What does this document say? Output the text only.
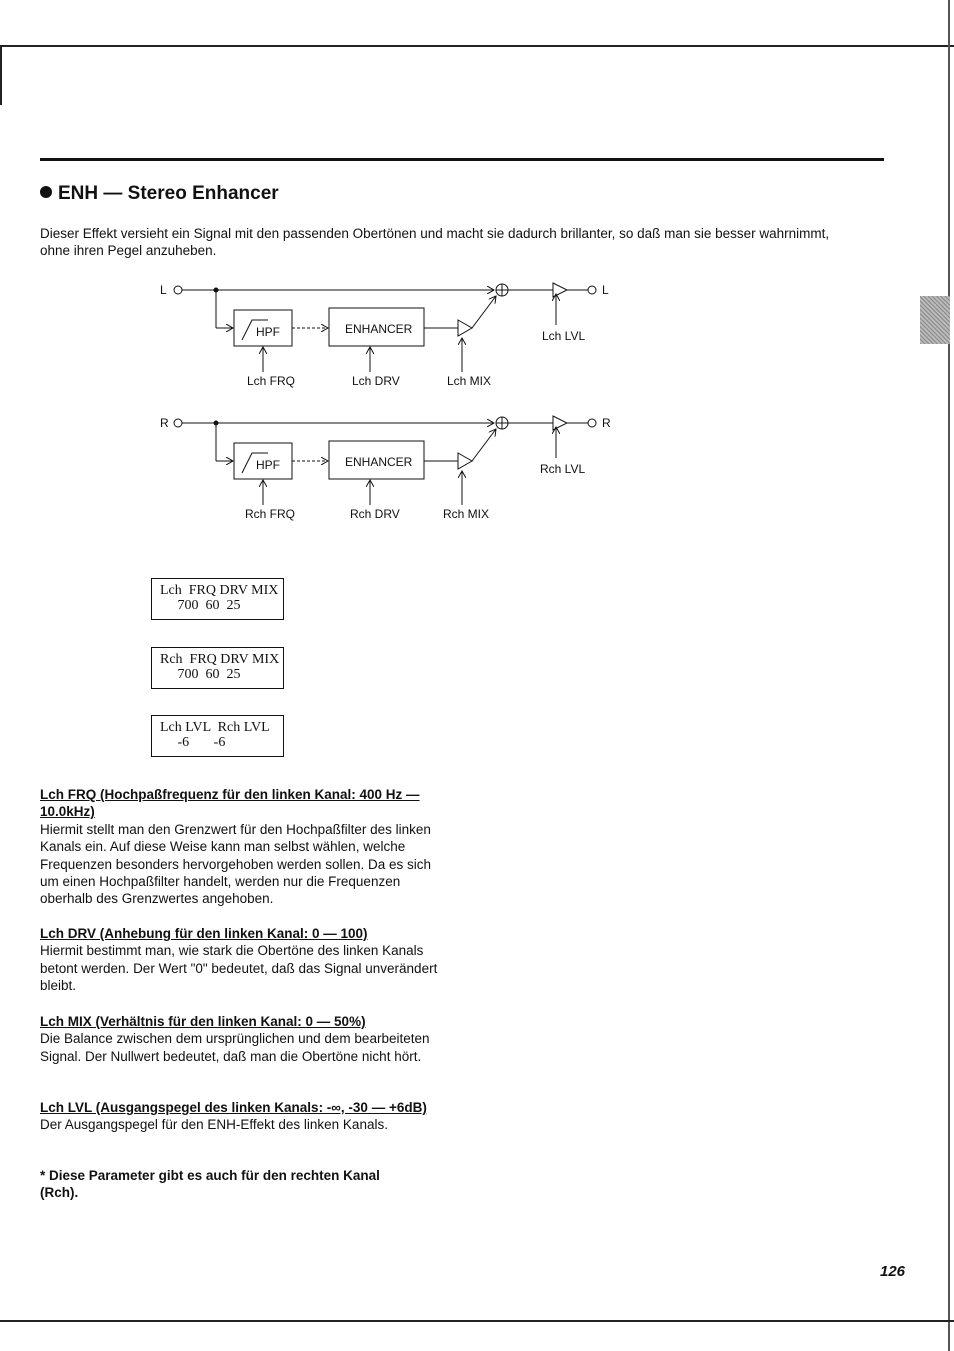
ENH — Stereo Enhancer
Dieser Effekt versieht ein Signal mit den passenden Obertönen und macht sie dadurch brillanter, so daß man sie besser wahrnimmt, ohne ihren Pegel anzuheben.
L	L
Lch LVL
HPF	ENHANCER
Lch FRQ	Lch DRV	Lch MIX
R	R
Rch LVL
HPF	ENHANCER
Rch FRQ	Rch DRV	Rch MIX
Lch  FRQ DRV MIX
700  60  25
Rch  FRQ DRV MIX
700  60  25
Lch LVL  Rch LVL
-6       -6
Lch FRQ (Hochpaßfrequenz für den linken Kanal: 400 Hz — 10.0kHz)
Hiermit stellt man den Grenzwert für den Hochpaßfilter des linken Kanals ein. Auf diese Weise kann man selbst wählen, welche Frequenzen besonders hervorgehoben werden sollen. Da es sich um einen Hochpaßfilter handelt, werden nur die Frequenzen oberhalb des Grenzwertes angehoben.
Lch DRV (Anhebung für den linken Kanal: 0 — 100)
Hiermit bestimmt man, wie stark die Obertöne des linken Kanals betont werden. Der Wert "0" bedeutet, daß das Signal unverändert bleibt.
Lch MIX (Verhältnis für den linken Kanal: 0 — 50%)
Die Balance zwischen dem ursprünglichen und dem bearbeiteten Signal. Der Nullwert bedeutet, daß man die Obertöne nicht hört.
Lch LVL (Ausgangspegel des linken Kanals: -∞, -30 — +6dB)
Der Ausgangspegel für den ENH-Effekt des linken Kanals.
* Diese Parameter gibt es auch für den rechten Kanal (Rch).
126
